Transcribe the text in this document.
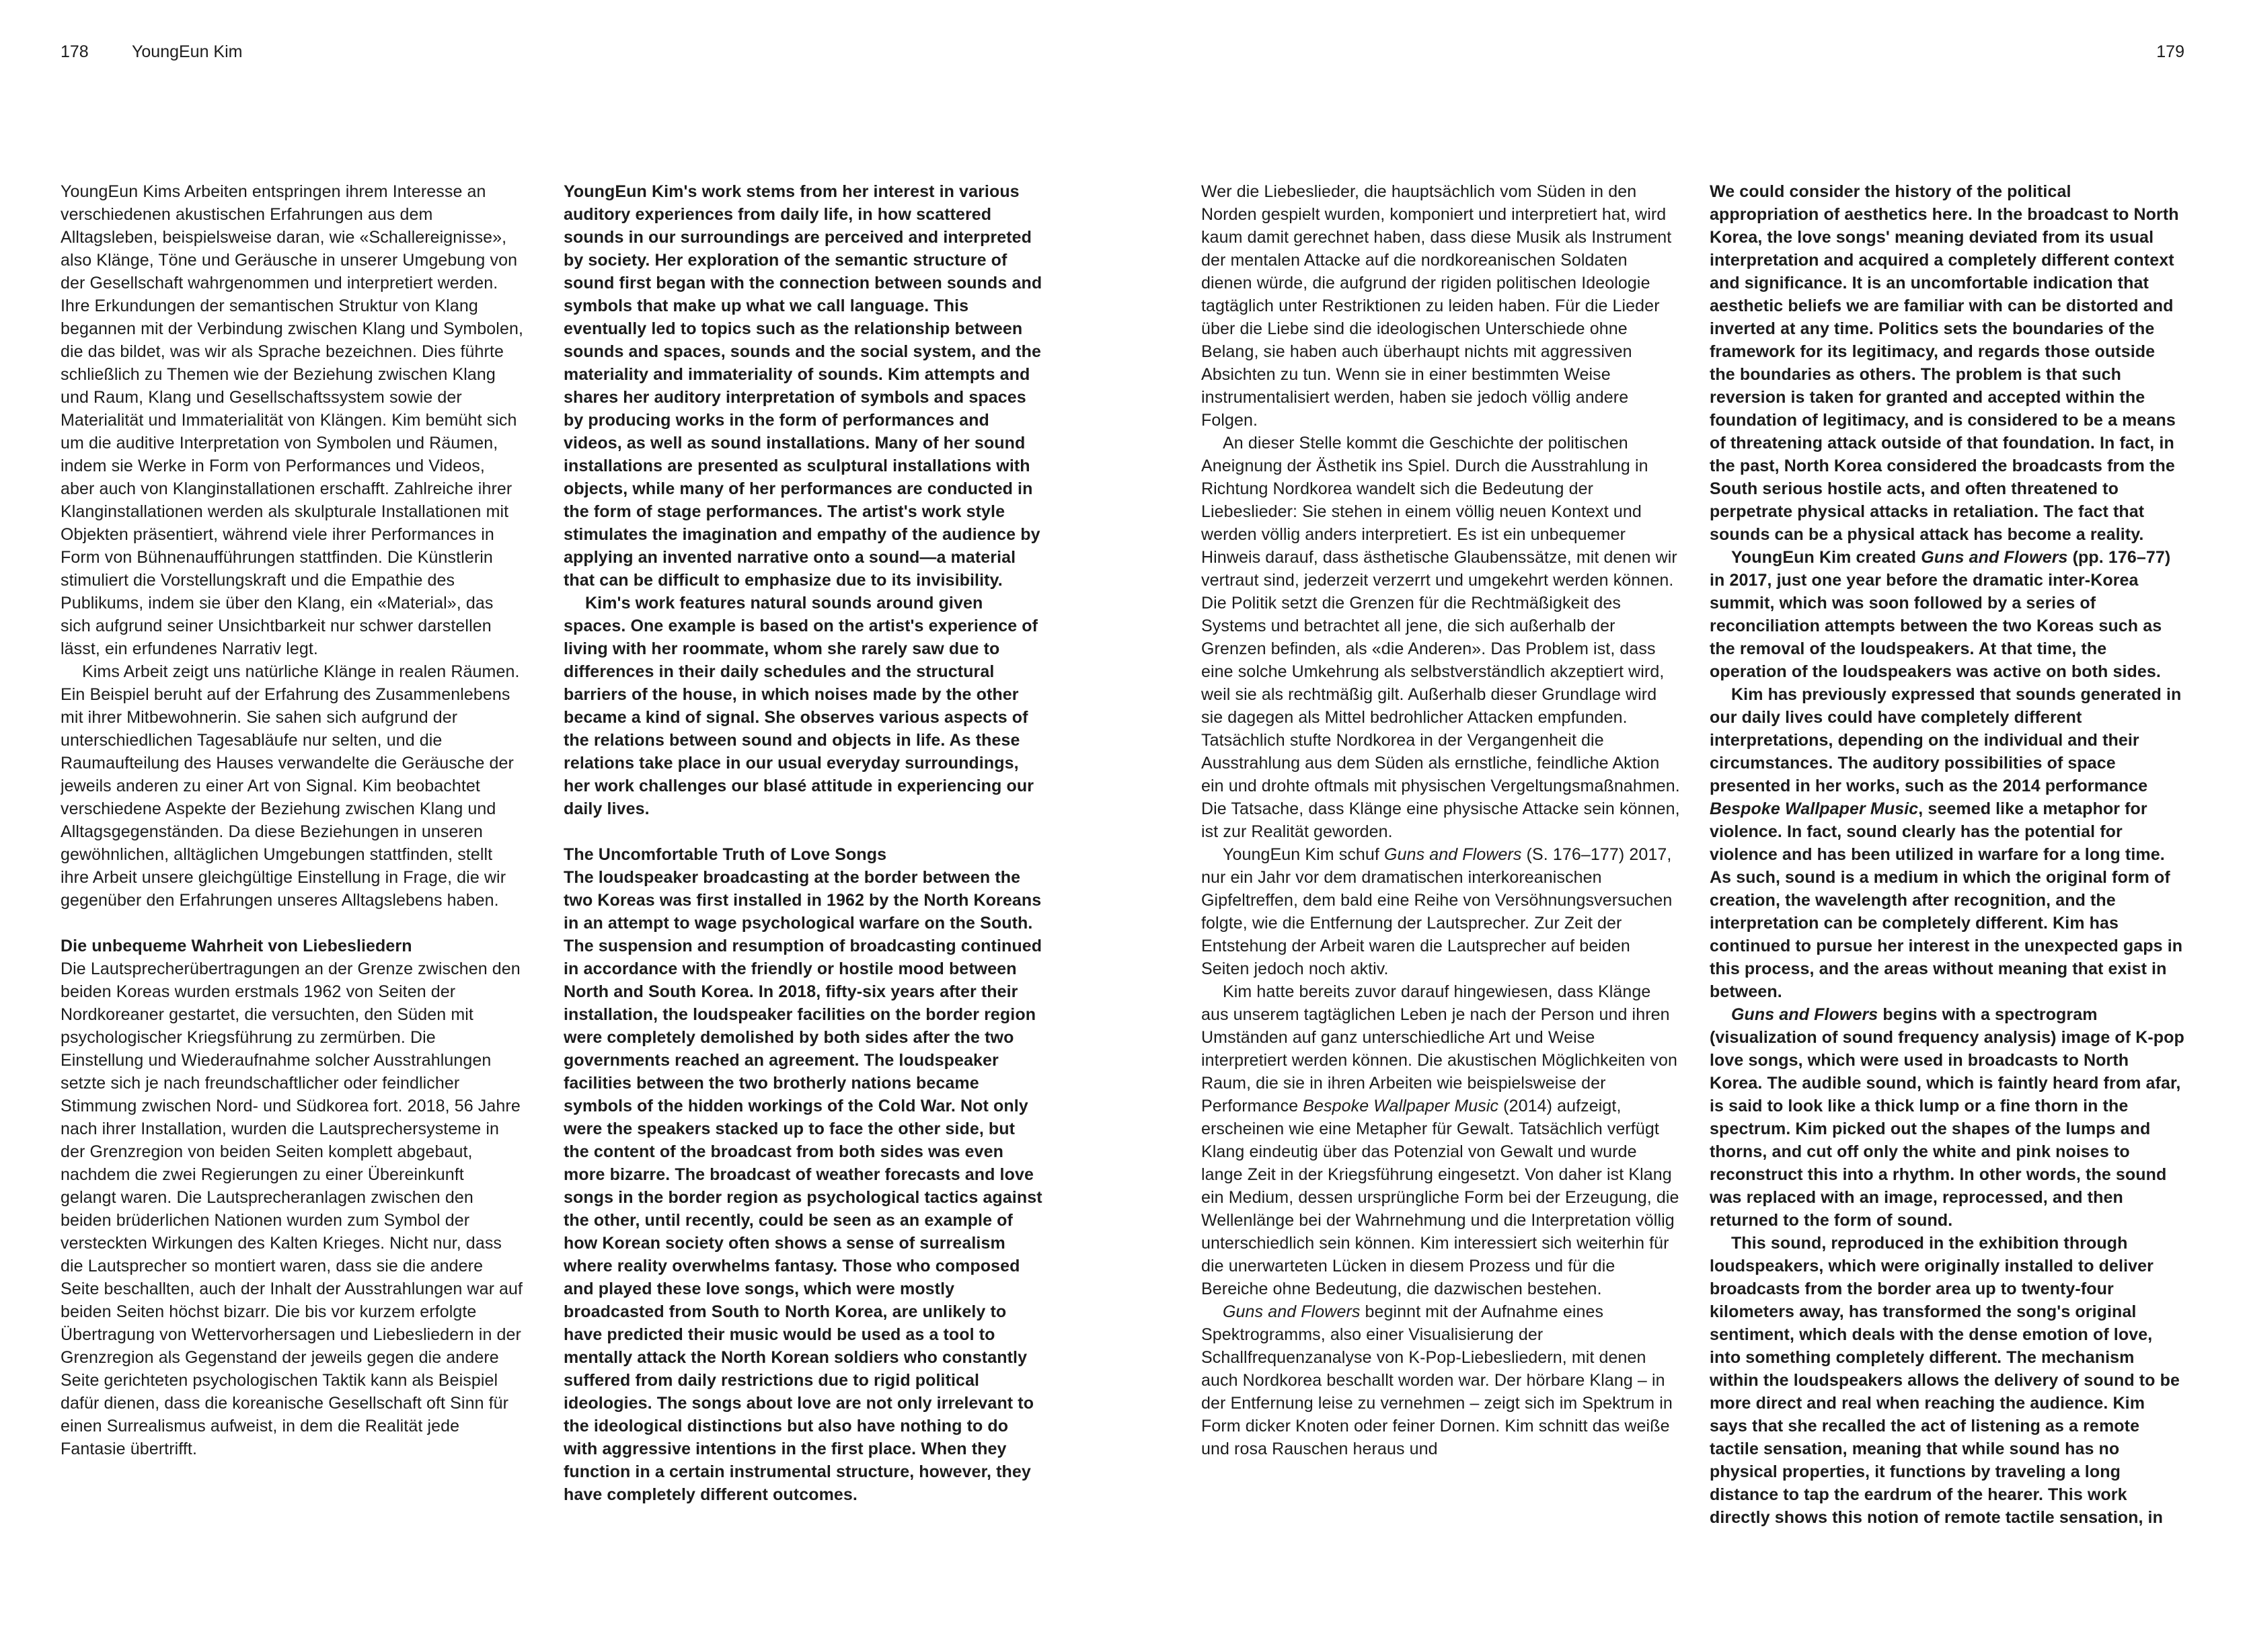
178	YoungEun Kim	179

YoungEun Kims Arbeiten entspringen ihrem Interesse an verschiedenen akustischen Erfahrungen aus dem Alltagsleben, beispielsweise daran, wie «Schallereignisse», also Klänge, Töne und Geräusche in unserer Umgebung von der Gesellschaft wahrgenommen und interpretiert werden. Ihre Erkundungen der semantischen Struktur von Klang begannen mit der Verbindung zwischen Klang und Symbolen, die das bildet, was wir als Sprache bezeichnen. Dies führte schließlich zu Themen wie der Beziehung zwischen Klang und Raum, Klang und Gesellschaftssystem sowie der Materialität und Immaterialität von Klängen. Kim bemüht sich um die auditive Interpretation von Symbolen und Räumen, indem sie Werke in Form von Performances und Videos, aber auch von Klanginstallationen erschafft. Zahlreiche ihrer Klanginstallationen werden als skulpturale Installationen mit Objekten präsentiert, während viele ihrer Performances in Form von Bühnenaufführungen stattfinden. Die Künstlerin stimuliert die Vorstellungskraft und die Empathie des Publikums, indem sie über den Klang, ein «Material», das sich aufgrund seiner Unsichtbarkeit nur schwer darstellen lässt, ein erfundenes Narrativ legt.

Kims Arbeit zeigt uns natürliche Klänge in realen Räumen. Ein Beispiel beruht auf der Erfahrung des Zusammenlebens mit ihrer Mitbewohnerin. Sie sahen sich aufgrund der unterschiedlichen Tagesabläufe nur selten, und die Raumaufteilung des Hauses verwandelte die Geräusche der jeweils anderen zu einer Art von Signal. Kim beobachtet verschiedene Aspekte der Beziehung zwischen Klang und Alltagsgegenständen. Da diese Beziehungen in unseren gewöhnlichen, alltäglichen Umgebungen stattfinden, stellt ihre Arbeit unsere gleichgültige Einstellung in Frage, die wir gegenüber den Erfahrungen unseres Alltagslebens haben.

Die unbequeme Wahrheit von Liebesliedern

Die Lautsprecherübertragungen an der Grenze zwischen den beiden Koreas wurden erstmals 1962 von Seiten der Nordkoreaner gestartet, die versuchten, den Süden mit psychologischer Kriegsführung zu zermürben. Die Einstellung und Wiederaufnahme solcher Ausstrahlungen setzte sich je nach freundschaftlicher oder feindlicher Stimmung zwischen Nord- und Südkorea fort. 2018, 56 Jahre nach ihrer Installation, wurden die Lautsprechersysteme in der Grenzregion von beiden Seiten komplett abgebaut, nachdem die zwei Regierungen zu einer Übereinkunft gelangt waren. Die Lautsprecheranlagen zwischen den beiden brüderlichen Nationen wurden zum Symbol der versteckten Wirkungen des Kalten Krieges. Nicht nur, dass die Lautsprecher so montiert waren, dass sie die andere Seite beschallten, auch der Inhalt der Ausstrahlungen war auf beiden Seiten höchst bizarr. Die bis vor kurzem erfolgte Übertragung von Wettervorhersagen und Liebesliedern in der Grenzregion als Gegenstand der jeweils gegen die andere Seite gerichteten psychologischen Taktik kann als Beispiel dafür dienen, dass die koreanische Gesellschaft oft Sinn für einen Surrealismus aufweist, in dem die Realität jede Fantasie übertrifft.

YoungEun Kim's work stems from her interest in various auditory experiences from daily life, in how scattered sounds in our surroundings are perceived and interpreted by society. Her exploration of the semantic structure of sound first began with the connection between sounds and symbols that make up what we call language. This eventually led to topics such as the relationship between sounds and spaces, sounds and the social system, and the materiality and immateriality of sounds. Kim attempts and shares her auditory interpretation of symbols and spaces by producing works in the form of performances and videos, as well as sound installations. Many of her sound installations are presented as sculptural installations with objects, while many of her performances are conducted in the form of stage performances. The artist's work style stimulates the imagination and empathy of the audience by applying an invented narrative onto a sound—a material that can be difficult to emphasize due to its invisibility.

Kim's work features natural sounds around given spaces. One example is based on the artist's experience of living with her roommate, whom she rarely saw due to differences in their daily schedules and the structural barriers of the house, in which noises made by the other became a kind of signal. She observes various aspects of the relations between sound and objects in life. As these relations take place in our usual everyday surroundings, her work challenges our blasé attitude in experiencing our daily lives.

The Uncomfortable Truth of Love Songs

The loudspeaker broadcasting at the border between the two Koreas was first installed in 1962 by the North Koreans in an attempt to wage psychological warfare on the South. The suspension and resumption of broadcasting continued in accordance with the friendly or hostile mood between North and South Korea. In 2018, fifty-six years after their installation, the loudspeaker facilities on the border region were completely demolished by both sides after the two governments reached an agreement. The loudspeaker facilities between the two brotherly nations became symbols of the hidden workings of the Cold War. Not only were the speakers stacked up to face the other side, but the content of the broadcast from both sides was even more bizarre. The broadcast of weather forecasts and love songs in the border region as psychological tactics against the other, until recently, could be seen as an example of how Korean society often shows a sense of surrealism where reality overwhelms fantasy. Those who composed and played these love songs, which were mostly broadcasted from South to North Korea, are unlikely to have predicted their music would be used as a tool to mentally attack the North Korean soldiers who constantly suffered from daily restrictions due to rigid political ideologies. The songs about love are not only irrelevant to the ideological distinctions but also have nothing to do with aggressive intentions in the first place. When they function in a certain instrumental structure, however, they have completely different outcomes.

Wer die Liebeslieder, die hauptsächlich vom Süden in den Norden gespielt wurden, komponiert und interpretiert hat, wird kaum damit gerechnet haben, dass diese Musik als Instrument der mentalen Attacke auf die nordkoreanischen Soldaten dienen würde, die aufgrund der rigiden politischen Ideologie tagtäglich unter Restriktionen zu leiden haben. Für die Lieder über die Liebe sind die ideologischen Unterschiede ohne Belang, sie haben auch überhaupt nichts mit aggressiven Absichten zu tun. Wenn sie in einer bestimmten Weise instrumentalisiert werden, haben sie jedoch völlig andere Folgen.

An dieser Stelle kommt die Geschichte der politischen Aneignung der Ästhetik ins Spiel. Durch die Ausstrahlung in Richtung Nordkorea wandelt sich die Bedeutung der Liebeslieder: Sie stehen in einem völlig neuen Kontext und werden völlig anders interpretiert. Es ist ein unbequemer Hinweis darauf, dass ästhetische Glaubenssätze, mit denen wir vertraut sind, jederzeit verzerrt und umgekehrt werden können. Die Politik setzt die Grenzen für die Rechtmäßigkeit des Systems und betrachtet all jene, die sich außerhalb der Grenzen befinden, als «die Anderen». Das Problem ist, dass eine solche Umkehrung als selbstverständlich akzeptiert wird, weil sie als rechtmäßig gilt. Außerhalb dieser Grundlage wird sie dagegen als Mittel bedrohlicher Attacken empfunden. Tatsächlich stufte Nordkorea in der Vergangenheit die Ausstrahlung aus dem Süden als ernstliche, feindliche Aktion ein und drohte oftmals mit physischen Vergeltungsmaßnahmen. Die Tatsache, dass Klänge eine physische Attacke sein können, ist zur Realität geworden.

YoungEun Kim schuf Guns and Flowers (S. 176–177) 2017, nur ein Jahr vor dem dramatischen interkoreanischen Gipfeltreffen, dem bald eine Reihe von Versöhnungsversuchen folgte, wie die Entfernung der Lautsprecher. Zur Zeit der Entstehung der Arbeit waren die Lautsprecher auf beiden Seiten jedoch noch aktiv.

Kim hatte bereits zuvor darauf hingewiesen, dass Klänge aus unserem tagtäglichen Leben je nach der Person und ihren Umständen auf ganz unterschiedliche Art und Weise interpretiert werden können. Die akustischen Möglichkeiten von Raum, die sie in ihren Arbeiten wie beispielsweise der Performance Bespoke Wallpaper Music (2014) aufzeigt, erscheinen wie eine Metapher für Gewalt. Tatsächlich verfügt Klang eindeutig über das Potenzial von Gewalt und wurde lange Zeit in der Kriegsführung eingesetzt. Von daher ist Klang ein Medium, dessen ursprüngliche Form bei der Erzeugung, die Wellenlänge bei der Wahrnehmung und die Interpretation völlig unterschiedlich sein können. Kim interessiert sich weiterhin für die unerwarteten Lücken in diesem Prozess und für die Bereiche ohne Bedeutung, die dazwischen bestehen.

Guns and Flowers beginnt mit der Aufnahme eines Spektrogramms, also einer Visualisierung der Schallfrequenzanalyse von K-Pop-Liebesliedern, mit denen auch Nordkorea beschallt worden war. Der hörbare Klang – in der Entfernung leise zu vernehmen – zeigt sich im Spektrum in Form dicker Knoten oder feiner Dornen. Kim schnitt das weiße und rosa Rauschen heraus und

We could consider the history of the political appropriation of aesthetics here. In the broadcast to North Korea, the love songs' meaning deviated from its usual interpretation and acquired a completely different context and significance. It is an uncomfortable indication that aesthetic beliefs we are familiar with can be distorted and inverted at any time. Politics sets the boundaries of the framework for its legitimacy, and regards those outside the boundaries as others. The problem is that such reversion is taken for granted and accepted within the foundation of legitimacy, and is considered to be a means of threatening attack outside of that foundation. In fact, in the past, North Korea considered the broadcasts from the South serious hostile acts, and often threatened to perpetrate physical attacks in retaliation. The fact that sounds can be a physical attack has become a reality.

YoungEun Kim created Guns and Flowers (pp. 176–77) in 2017, just one year before the dramatic inter-Korea summit, which was soon followed by a series of reconciliation attempts between the two Koreas such as the removal of the loudspeakers. At that time, the operation of the loudspeakers was active on both sides.

Kim has previously expressed that sounds generated in our daily lives could have completely different interpretations, depending on the individual and their circumstances. The auditory possibilities of space presented in her works, such as the 2014 performance Bespoke Wallpaper Music, seemed like a metaphor for violence. In fact, sound clearly has the potential for violence and has been utilized in warfare for a long time. As such, sound is a medium in which the original form of creation, the wavelength after recognition, and the interpretation can be completely different. Kim has continued to pursue her interest in the unexpected gaps in this process, and the areas without meaning that exist in between.

Guns and Flowers begins with a spectrogram (visualization of sound frequency analysis) image of K-pop love songs, which were used in broadcasts to North Korea. The audible sound, which is faintly heard from afar, is said to look like a thick lump or a fine thorn in the spectrum. Kim picked out the shapes of the lumps and thorns, and cut off only the white and pink noises to reconstruct this into a rhythm. In other words, the sound was replaced with an image, reprocessed, and then returned to the form of sound.

This sound, reproduced in the exhibition through loudspeakers, which were originally installed to deliver broadcasts from the border area up to twenty-four kilometers away, has transformed the song's original sentiment, which deals with the dense emotion of love, into something completely different. The mechanism within the loudspeakers allows the delivery of sound to be more direct and real when reaching the audience. Kim says that she recalled the act of listening as a remote tactile sensation, meaning that while sound has no physical properties, it functions by traveling a long distance to tap the eardrum of the hearer. This work directly shows this notion of remote tactile sensation, in
